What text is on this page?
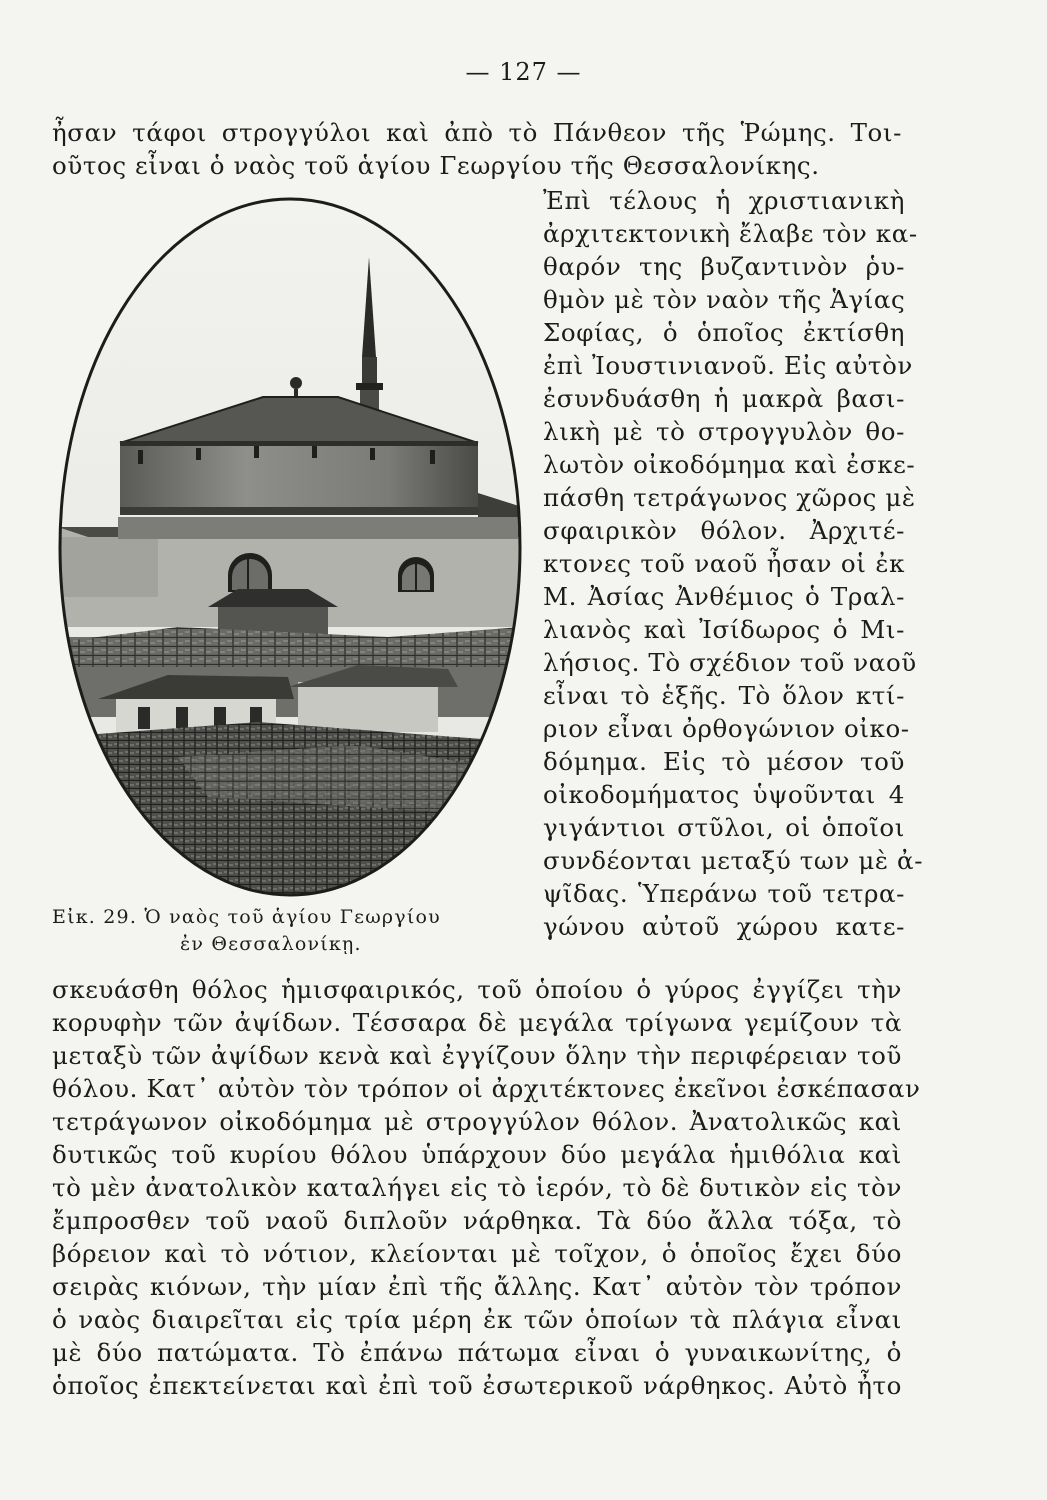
— 127 —
ἦσαν τάφοι στρογγύλοι καὶ ἀπὸ τὸ Πάνθεον τῆς Ῥώμης. Τοι-
οῦτος εἶναι ὁ ναὸς τοῦ ἁγίου Γεωργίου τῆς Θεσσαλονίκης.
Ἐπὶ τέλους ἡ χριστιανικὴ
ἀρχιτεκτονικὴ ἔλαβε τὸν κα-
θαρόν της βυζαντινὸν ῥυ-
θμὸν μὲ τὸν ναὸν τῆς Ἁγίας
Σοφίας, ὁ ὁποῖος ἐκτίσθη
ἐπὶ Ἰουστινιανοῦ. Εἰς αὐτὸν
ἐσυνδυάσθη ἡ μακρὰ βασι-
λικὴ μὲ τὸ στρογγυλὸν θο-
λωτὸν οἰκοδόμημα καὶ ἐσκε-
πάσθη τετράγωνος χῶρος μὲ
σφαιρικὸν θόλον. Ἀρχιτέ-
κτονες τοῦ ναοῦ ἦσαν οἱ ἐκ
Μ. Ἀσίας Ἀνθέμιος ὁ Τραλ-
λιανὸς καὶ Ἰσίδωρος ὁ Μι-
λήσιος. Τὸ σχέδιον τοῦ ναοῦ
εἶναι τὸ ἑξῆς. Τὸ ὅλον κτί-
ριον εἶναι ὀρθογώνιον οἰκο-
δόμημα. Εἰς τὸ μέσον τοῦ
οἰκοδομήματος ὑψοῦνται 4
γιγάντιοι στῦλοι, οἱ ὁποῖοι
συνδέονται μεταξύ των μὲ ἀ-
ψῖδας. Ὑπεράνω τοῦ τετρα-
γώνου αὐτοῦ χώρου κατε-
Εἰκ. 29. Ὁ ναὸς τοῦ ἁγίου Γεωργίου
ἐν Θεσσαλονίκῃ.
σκευάσθη θόλος ἡμισφαιρικός, τοῦ ὁποίου ὁ γύρος ἐγγίζει τὴν
κορυφὴν τῶν ἀψίδων. Τέσσαρα δὲ μεγάλα τρίγωνα γεμίζουν τὰ
μεταξὺ τῶν ἀψίδων κενὰ καὶ ἐγγίζουν ὅλην τὴν περιφέρειαν τοῦ
θόλου. Κατ᾽ αὐτὸν τὸν τρόπον οἱ ἀρχιτέκτονες ἐκεῖνοι ἐσκέπασαν
τετράγωνον οἰκοδόμημα μὲ στρογγύλον θόλον. Ἀνατολικῶς καὶ
δυτικῶς τοῦ κυρίου θόλου ὑπάρχουν δύο μεγάλα ἡμιθόλια καὶ
τὸ μὲν ἀνατολικὸν καταλήγει εἰς τὸ ἱερόν, τὸ δὲ δυτικὸν εἰς τὸν
ἔμπροσθεν τοῦ ναοῦ διπλοῦν νάρθηκα. Τὰ δύο ἄλλα τόξα, τὸ
βόρειον καὶ τὸ νότιον, κλείονται μὲ τοῖχον, ὁ ὁποῖος ἔχει δύο
σειρὰς κιόνων, τὴν μίαν ἐπὶ τῆς ἄλλης. Κατ᾽ αὐτὸν τὸν τρόπον
ὁ ναὸς διαιρεῖται εἰς τρία μέρη ἐκ τῶν ὁποίων τὰ πλάγια εἶναι
μὲ δύο πατώματα. Τὸ ἐπάνω πάτωμα εἶναι ὁ γυναικωνίτης, ὁ
ὁποῖος ἐπεκτείνεται καὶ ἐπὶ τοῦ ἐσωτερικοῦ νάρθηκος. Αὐτὸ ἦτο
